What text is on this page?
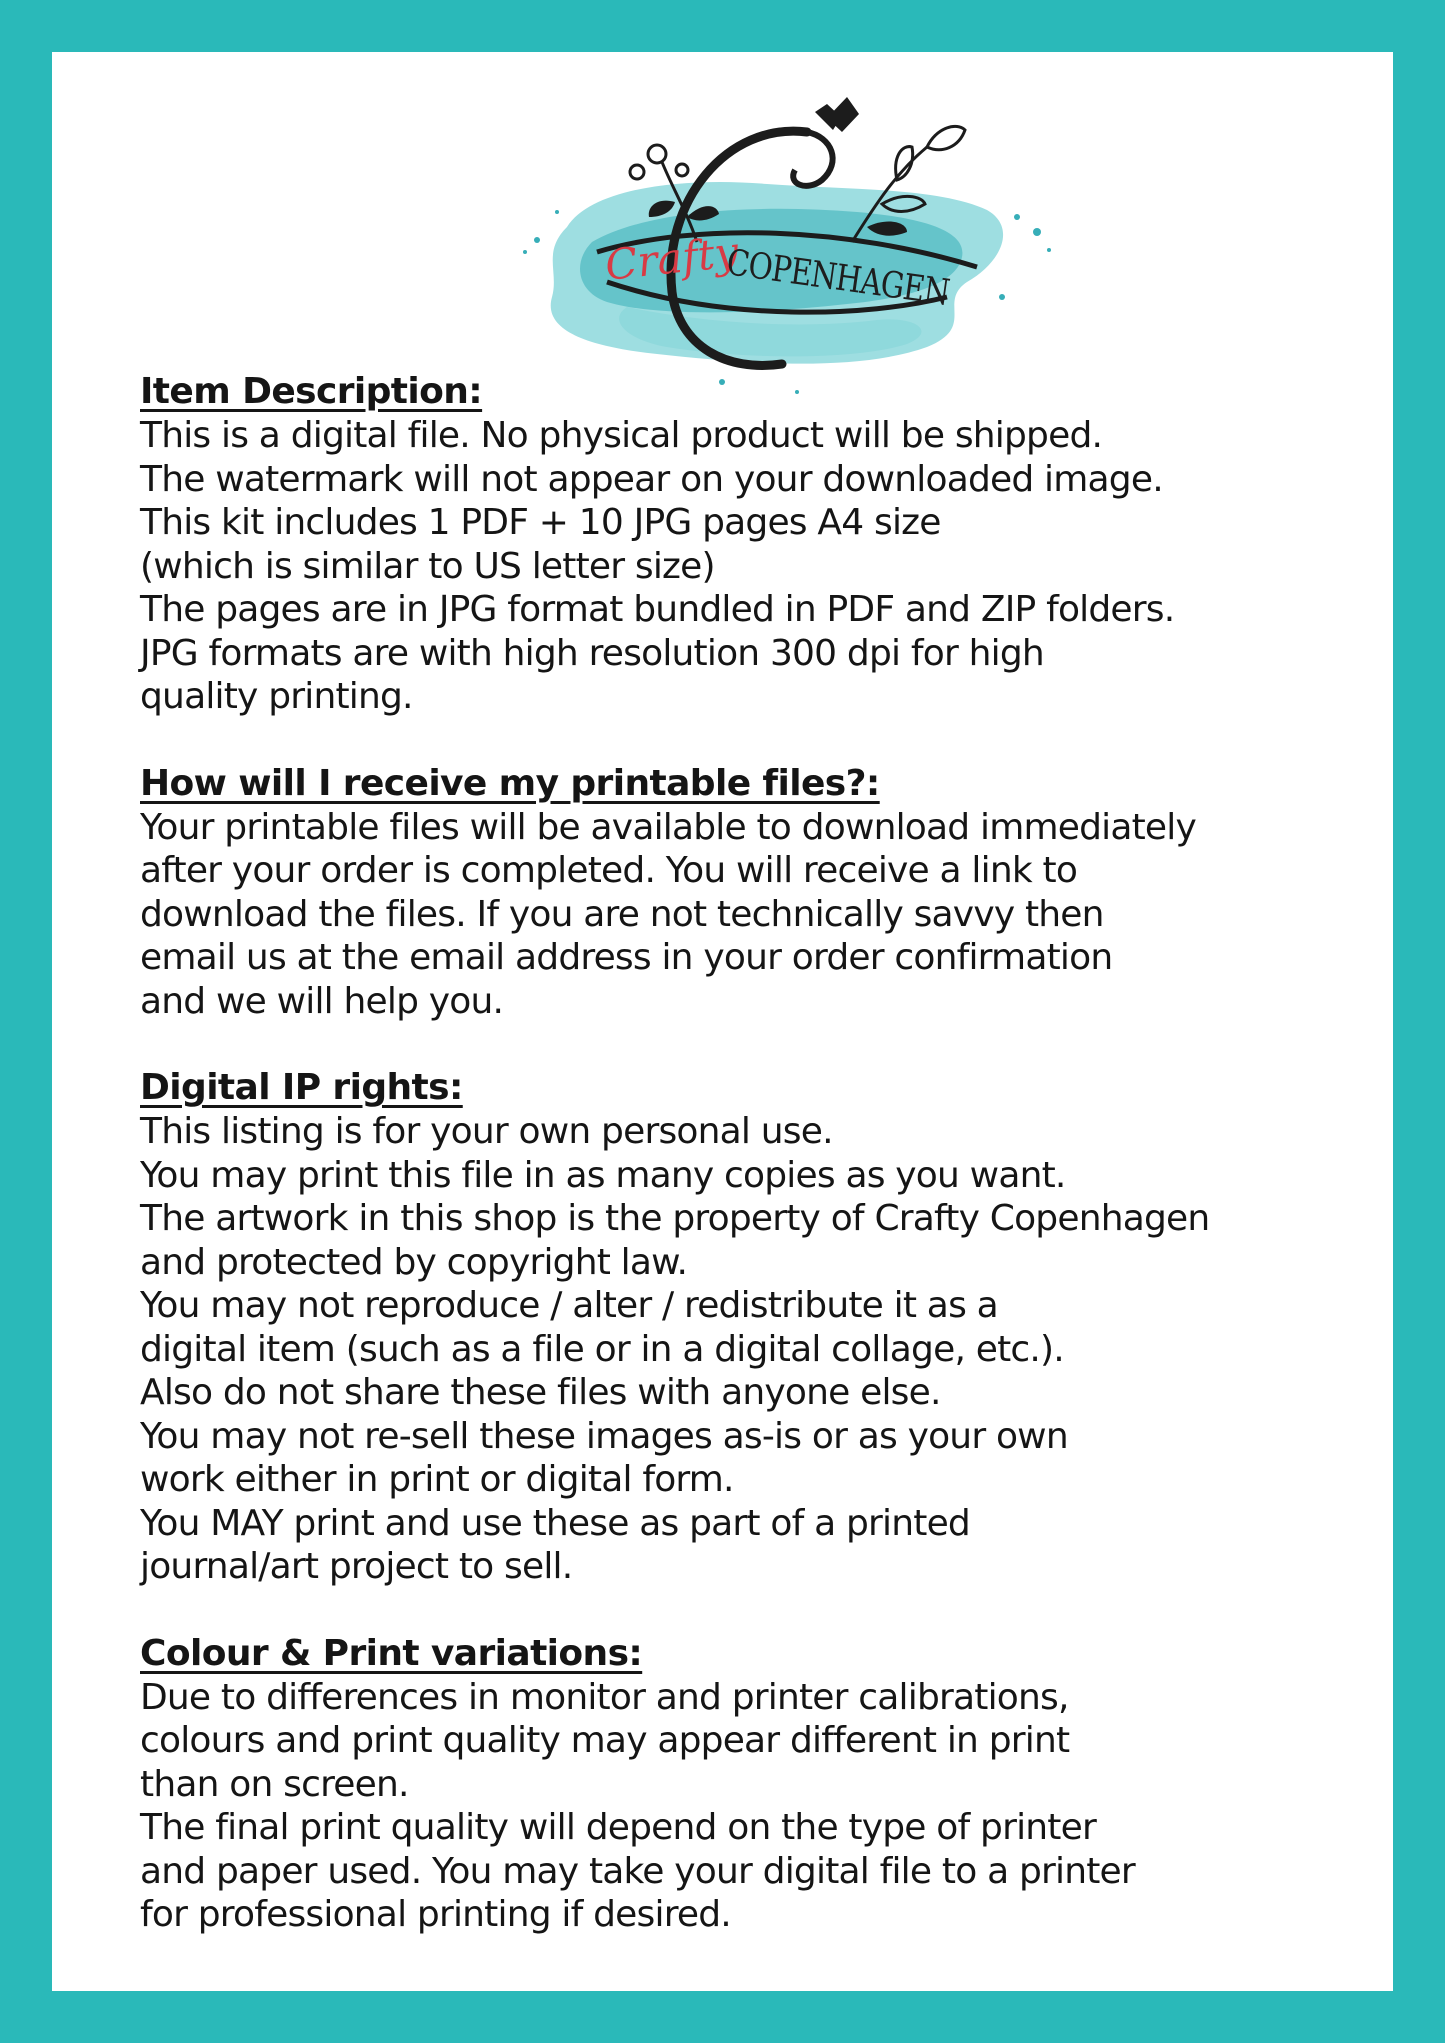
Crafty
COPENHAGEN

Item Description:

This is a digital file. No physical product will be shipped.

The watermark will not appear on your downloaded image.

This kit includes 1 PDF + 10 JPG pages A4 size

(which is similar to US letter size)

The pages are in JPG format bundled in PDF and ZIP folders.

JPG formats are with high resolution 300 dpi for high

quality printing.

How will I receive my printable files?:

Your printable files will be available to download immediately

after your order is completed. You will receive a link to

download the files. If you are not technically savvy then

email us at the email address in your order confirmation

and we will help you.

Digital IP rights:

This listing is for your own personal use.

You may print this file in as many copies as you want.

The artwork in this shop is the property of Crafty Copenhagen

and protected by copyright law.

You may not reproduce / alter / redistribute it as a

digital item (such as a file or in a digital collage, etc.).

Also do not share these files with anyone else.

You may not re-sell these images as-is or as your own

work either in print or digital form.

You MAY print and use these as part of a printed

journal/art project to sell.

Colour & Print variations:

Due to differences in monitor and printer calibrations,

colours and print quality may appear different in print

than on screen.

The final print quality will depend on the type of printer

and paper used. You may take your digital file to a printer

for professional printing if desired.
